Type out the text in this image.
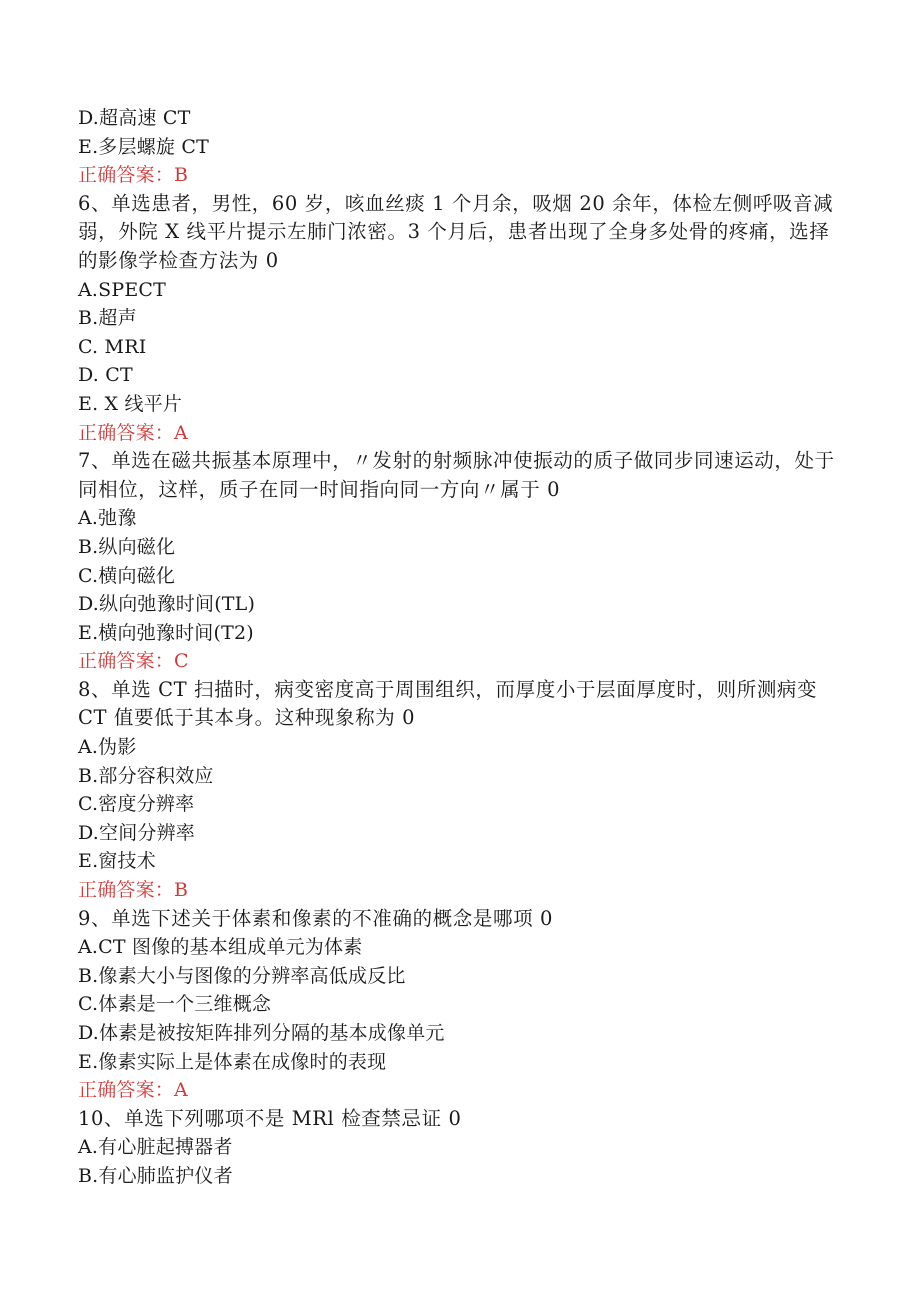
D.超高速 CT
E.多层螺旋 CT
正确答案：B
6、单选患者，男性，60 岁，咳血丝痰 1 个月余，吸烟 20 余年，体检左侧呼吸音减弱，外院 X 线平片提示左肺门浓密。3 个月后，患者出现了全身多处骨的疼痛，选择的影像学检查方法为 0
A.SPECT
B.超声
C. MRI
D. CT
E. X 线平片
正确答案：A
7、单选在磁共振基本原理中，〃发射的射频脉冲使振动的质子做同步同速运动，处于同相位，这样，质子在同一时间指向同一方向〃属于 0
A.弛豫
B.纵向磁化
C.横向磁化
D.纵向弛豫时间(TL)
E.横向弛豫时间(T2)
正确答案：C
8、单选 CT 扫描时，病变密度高于周围组织，而厚度小于层面厚度时，则所测病变 CT 值要低于其本身。这种现象称为 0
A.伪影
B.部分容积效应
C.密度分辨率
D.空间分辨率
E.窗技术
正确答案：B
9、单选下述关于体素和像素的不准确的概念是哪项 0
A.CT 图像的基本组成单元为体素
B.像素大小与图像的分辨率高低成反比
C.体素是一个三维概念
D.体素是被按矩阵排列分隔的基本成像单元
E.像素实际上是体素在成像时的表现
正确答案：A
10、单选下列哪项不是 MRl 检查禁忌证 0
A.有心脏起搏器者
B.有心肺监护仪者
